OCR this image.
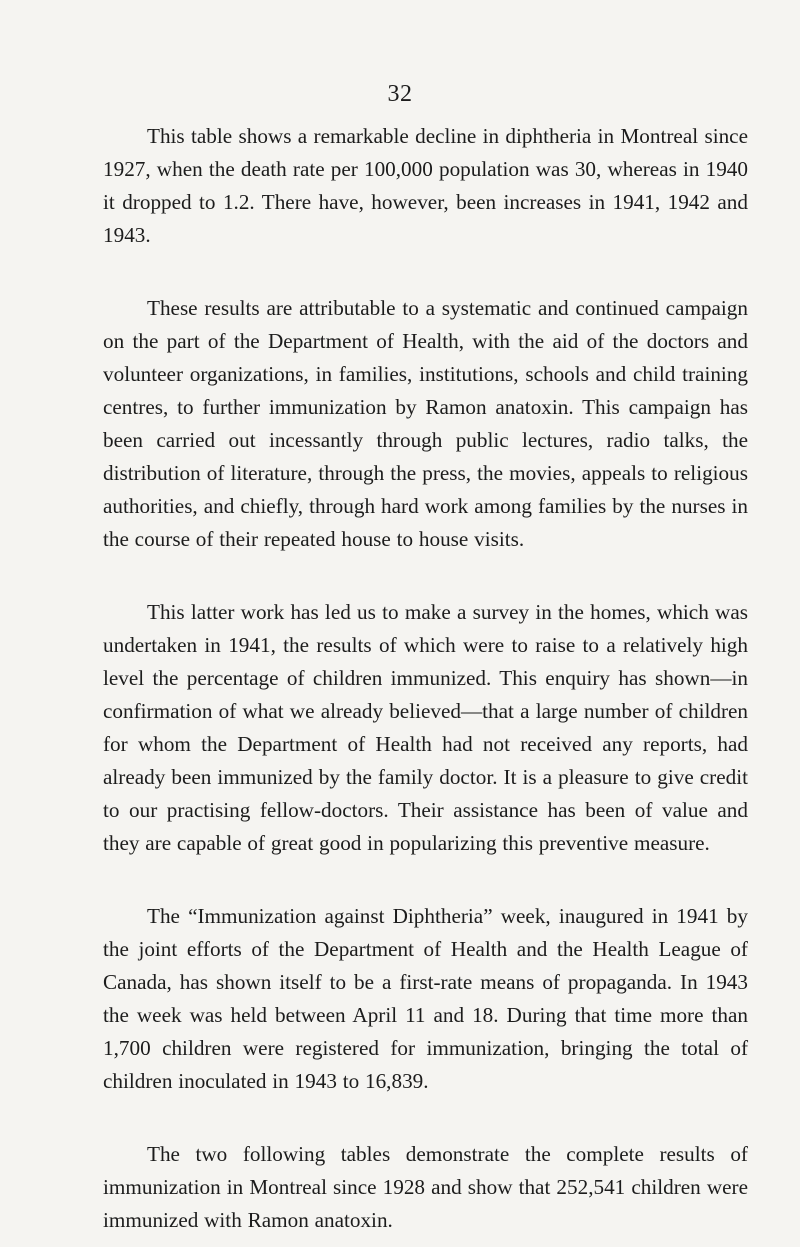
32

This table shows a remarkable decline in diphtheria in Montreal since 1927, when the death rate per 100,000 population was 30, whereas in 1940 it dropped to 1.2. There have, however, been increases in 1941, 1942 and 1943.

These results are attributable to a systematic and continued campaign on the part of the Department of Health, with the aid of the doctors and volunteer organizations, in families, institutions, schools and child training centres, to further immunization by Ramon anatoxin. This campaign has been carried out incessantly through public lectures, radio talks, the distribution of literature, through the press, the movies, appeals to religious authorities, and chiefly, through hard work among families by the nurses in the course of their repeated house to house visits.

This latter work has led us to make a survey in the homes, which was undertaken in 1941, the results of which were to raise to a relatively high level the percentage of children immunized. This enquiry has shown—in confirmation of what we already believed—that a large number of children for whom the Department of Health had not received any reports, had already been immunized by the family doctor. It is a pleasure to give credit to our practising fellow-doctors. Their assistance has been of value and they are capable of great good in popularizing this preventive measure.

The “Immunization against Diphtheria” week, inaugured in 1941 by the joint efforts of the Department of Health and the Health League of Canada, has shown itself to be a first-rate means of propaganda. In 1943 the week was held between April 11 and 18. During that time more than 1,700 children were registered for immunization, bringing the total of children inoculated in 1943 to 16,839.

The two following tables demonstrate the complete results of immunization in Montreal since 1928 and show that 252,541 children were immunized with Ramon anatoxin.
